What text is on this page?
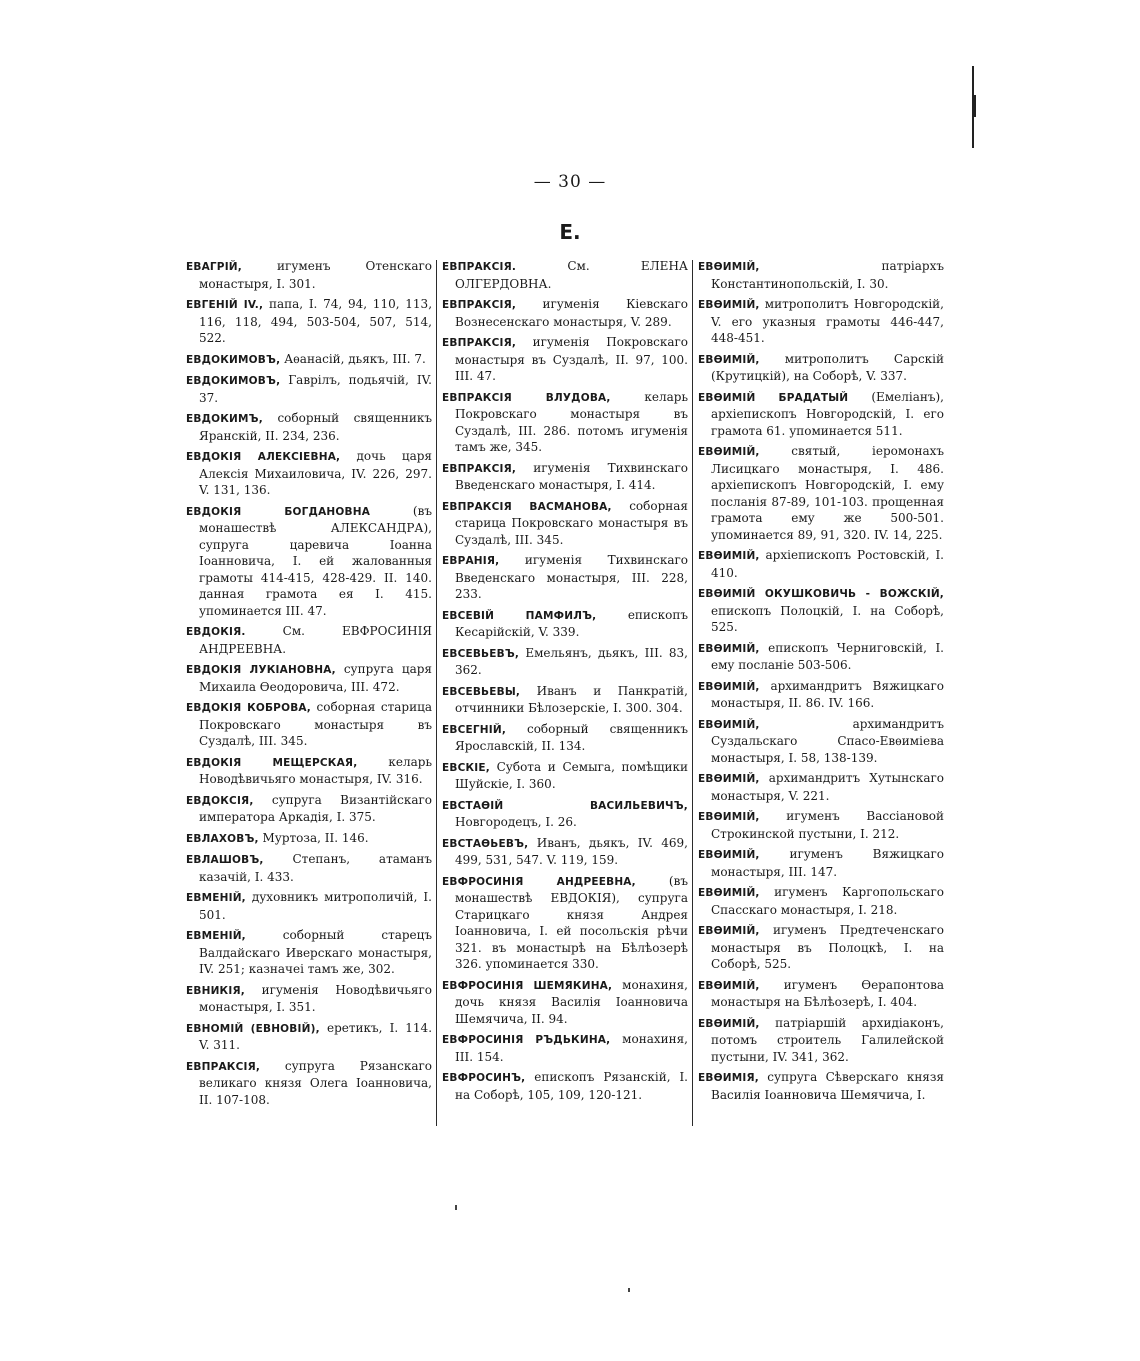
— 30 —
Е.

ЕВАГРІЙ, игуменъ Отенскаго монастыря, I. 301.

ЕВГЕНІЙ IV., папа, I. 74, 94, 110, 113, 116, 118, 494, 503-504, 507, 514, 522.

ЕВДОКИМОВЪ, Аѳанасій, дьякъ, III. 7.

ЕВДОКИМОВЪ, Гаврілъ, подьячій, IV. 37.

ЕВДОКИМЪ, соборный священникъ Яранскій, II. 234, 236.

ЕВДОКІЯ АЛЕКСІЕВНА, дочь царя Алексія Михаиловича, IV. 226, 297. V. 131, 136.

ЕВДОКІЯ БОГДАНОВНА (въ монашествѣ АЛЕКСАНДРА), супруга царевича Іоанна Іоанновича, I. ей жалованныя грамоты 414-415, 428-429. II. 140. данная грамота ея I. 415. упоминается III. 47.

ЕВДОКІЯ. См. ЕВФРОСИНІЯ АНДРЕЕВНА.

ЕВДОКІЯ ЛУКІАНОВНА, супруга царя Михаила Ѳеодоровича, III. 472.

ЕВДОКІЯ КОБРОВА, соборная старица Покровскаго монастыря въ Суздалѣ, III. 345.

ЕВДОКІЯ МЕЩЕРСКАЯ, келарь Новодѣвичьяго монастыря, IV. 316.

ЕВДОКСІЯ, супруга Византійскаго императора Аркадія, I. 375.

ЕВЛАХОВЪ, Муртоза, II. 146.

ЕВЛАШОВЪ, Степанъ, атаманъ казачій, I. 433.

ЕВМЕНІЙ, духовникъ митрополичій, I. 501.

ЕВМЕНІЙ, соборный старецъ Валдайскаго Иверскаго монастыря, IV. 251; казначеі тамъ же, 302.

ЕВНИКІЯ, игуменія Новодѣвичьяго монастыря, I. 351.

ЕВНОМІЙ (ЕВНОВІЙ), еретикъ, I. 114. V. 311.

ЕВПРАКСІЯ, супруга Рязанскаго великаго князя Олега Іоанновича, II. 107-108.

ЕВПРАКСІЯ. См. ЕЛЕНА ОЛГЕРДОВНА.

ЕВПРАКСІЯ, игуменія Кіевскаго Вознесенскаго монастыря, V. 289.

ЕВПРАКСІЯ, игуменія Покровскаго монастыря въ Суздалѣ, II. 97, 100. III. 47.

ЕВПРАКСІЯ ВЛУДОВА, келарь Покровскаго монастыря въ Суздалѣ, III. 286. потомъ игуменія тамъ же, 345.

ЕВПРАКСІЯ, игуменія Тихвинскаго Введенскаго монастыря, I. 414.

ЕВПРАКСІЯ ВАСМАНОВА, соборная старица Покровскаго монастыря въ Суздалѣ, III. 345.

ЕВРАНІЯ, игуменія Тихвинскаго Введенскаго монастыря, III. 228, 233.

ЕВСЕВІЙ ПАМФИЛЪ, епископъ Кесарійскій, V. 339.

ЕВСЕВЬЕВЪ, Емельянъ, дьякъ, III. 83, 362.

ЕВСЕВЬЕВЫ, Иванъ и Панкратій, отчинники Бѣлозерскіе, I. 300. 304.

ЕВСЕГНІЙ, соборный священникъ Ярославскій, II. 134.

ЕВСКІЕ, Субота и Семыга, помѣщики Шуйскіе, I. 360.

ЕВСТАѲІЙ ВАСИЛЬЕВИЧЪ, Новгородецъ, I. 26.

ЕВСТАѲЬЕВЪ, Иванъ, дьякъ, IV. 469, 499, 531, 547. V. 119, 159.

ЕВФРОСИНІЯ АНДРЕЕВНА, (въ монашествѣ ЕВДОКІЯ), супруга Старицкаго князя Андрея Іоанновича, I. ей посольскія рѣчи 321. въ монастырѣ на Бѣлѣозерѣ 326. упоминается 330.

ЕВФРОСИНІЯ ШЕМЯКИНА, монахиня, дочь князя Василія Іоанновича Шемячича, II. 94.

ЕВФРОСИНІЯ РЪДЬКИНА, монахиня, III. 154.

ЕВФРОСИНЪ, епископъ Рязанскій, I. на Соборѣ, 105, 109, 120-121.

ЕВѲИМІЙ, патріархъ Константинопольскій, I. 30.

ЕВѲИМІЙ, митрополитъ Новгородскій, V. его указныя грамоты 446-447, 448-451.

ЕВѲИМІЙ, митрополитъ Сарскій (Крутицкій), на Соборѣ, V. 337.

ЕВѲИМІЙ БРАДАТЫЙ (Емеліанъ), архіепископъ Новгородскій, I. его грамота 61. упоминается 511.

ЕВѲИМІЙ, святый, іеромонахъ Лисицкаго монастыря, I. 486. архіепископъ Новгородскій, I. ему посланія 87-89, 101-103. прощенная грамота ему же 500-501. упоминается 89, 91, 320. IV. 14, 225.

ЕВѲИМІЙ, архіепископъ Ростовскій, I. 410.

ЕВѲИМІЙ ОКУШКОВИЧЬ - ВОЖСКІЙ, епископъ Полоцкій, I. на Соборѣ, 525.

ЕВѲИМІЙ, епископъ Черниговскій, I. ему посланіе 503-506.

ЕВѲИМІЙ, архимандритъ Вяжицкаго монастыря, II. 86. IV. 166.

ЕВѲИМІЙ, архимандритъ Суздальскаго Спасо-Евѳиміева монастыря, I. 58, 138-139.

ЕВѲИМІЙ, архимандритъ Хутынскаго монастыря, V. 221.

ЕВѲИМІЙ, игуменъ Вассіановой Строкинской пустыни, I. 212.

ЕВѲИМІЙ, игуменъ Вяжицкаго монастыря, III. 147.

ЕВѲИМІЙ, игуменъ Каргопольскаго Спасскаго монастыря, I. 218.

ЕВѲИМІЙ, игуменъ Предтеченскаго монастыря въ Полоцкѣ, I. на Соборѣ, 525.

ЕВѲИМІЙ, игуменъ Ѳерапонтова монастыря на Бѣлѣозерѣ, I. 404.

ЕВѲИМІЙ, патріаршій архидіаконъ, потомъ строитель Галилейской пустыни, IV. 341, 362.

ЕВѲИМІЯ, супруга Сѣверскаго князя Василія Іоанновича Шемячича, I.
